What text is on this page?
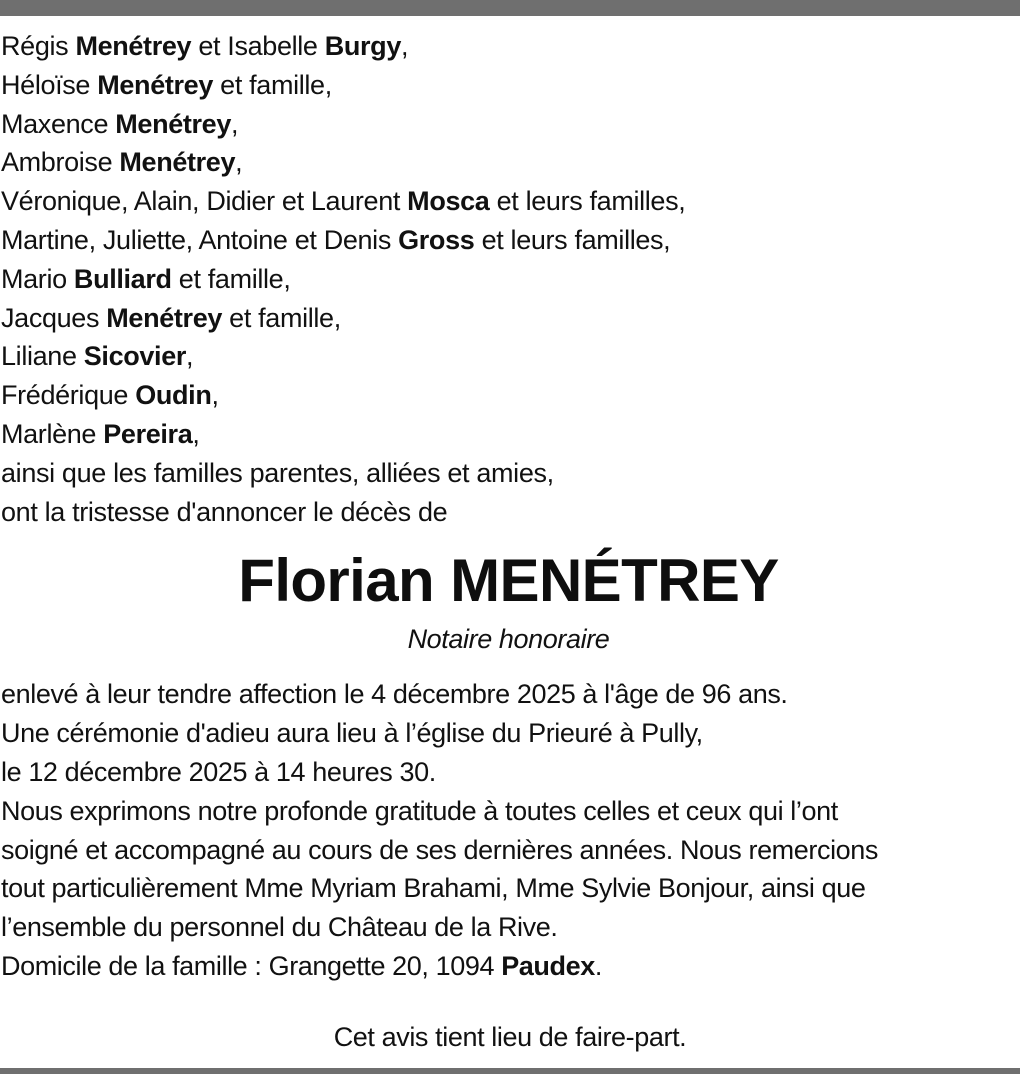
Régis Menétrey et Isabelle Burgy,
Héloïse Menétrey et famille,
Maxence Menétrey,
Ambroise Menétrey,
Véronique, Alain, Didier et Laurent Mosca et leurs familles,
Martine, Juliette, Antoine et Denis Gross et leurs familles,
Mario Bulliard et famille,
Jacques Menétrey et famille,
Liliane Sicovier,
Frédérique Oudin,
Marlène Pereira,
ainsi que les familles parentes, alliées et amies,
ont la tristesse d'annoncer le décès de
Florian MENÉTREY
Notaire honoraire
enlevé à leur tendre affection le 4 décembre 2025 à l'âge de 96 ans.
Une cérémonie d'adieu aura lieu à l’église du Prieuré à Pully,
le 12 décembre 2025 à 14 heures 30.
Nous exprimons notre profonde gratitude à toutes celles et ceux qui l’ont
soigné et accompagné au cours de ses dernières années. Nous remercions
tout particulièrement Mme Myriam Brahami, Mme Sylvie Bonjour, ainsi que
l’ensemble du personnel du Château de la Rive.
Domicile de la famille : Grangette 20, 1094 Paudex.
Cet avis tient lieu de faire-part.
